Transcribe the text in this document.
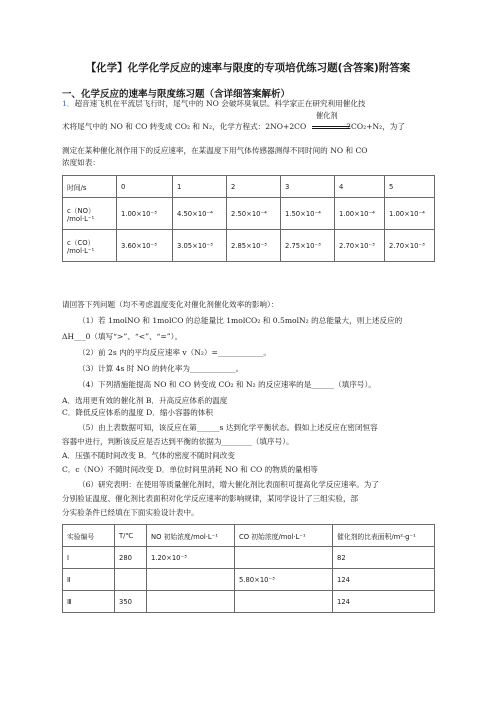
【化学】化学化学反应的速率与限度的专项培优练习题(含答案)附答案
一、化学反应的速率与限度练习题（含详细答案解析）
1．超音速飞机在平流层飞行时，尾气中的 NO 会破坏臭氧层。科学家正在研究利用催化技
催化剂
术将尾气中的 NO 和 CO 转变成 CO₂ 和 N₂，化学方程式：2NO+2CO	2CO₂+N₂，为了
测定在某种催化剂作用下的反应速率，在某温度下用气体传感器测得不同时间的 NO 和 CO
浓度如表：
时间/s	0	1	2	3	4	5

c（NO）
/mol·L⁻¹	1.00×10⁻³	4.50×10⁻⁴	2.50×10⁻⁴	1.50×10⁻⁴	1.00×10⁻⁴	1.00×10⁻⁴

c（CO）
/mol·L⁻¹	3.60×10⁻³	3.05×10⁻³	2.85×10⁻³	2.75×10⁻³	2.70×10⁻³	2.70×10⁻³
请回答下列问题（均不考虑温度变化对催化剂催化效率的影响）：
（1）若 1molNO 和 1molCO 的总能量比 1molCO₂ 和 0.5molN₂ 的总能量大，则上述反应的
ΔH___0（填写“>”、“<”、“=”）。
（2）前 2s 内的平均反应速率 v（N₂）=____________。
（3）计算 4s 时 NO 的转化率为____________。
（4）下列措施能提高 NO 和 CO 转变成 CO₂ 和 N₂ 的反应速率的是______（填序号）。
A．选用更有效的催化剂 B．升高反应体系的温度
C．降低反应体系的温度 D．缩小容器的体积
（5）由上表数据可知，该反应在第______s 达到化学平衡状态。假如上述反应在密闭恒容
容器中进行，判断该反应是否达到平衡的依据为________（填序号）。
A．压强不随时间改变 B．气体的密度不随时间改变
C．c（NO）不随时间改变 D．单位时间里消耗 NO 和 CO 的物质的量相等
（6）研究表明：在使用等质量催化剂时，增大催化剂比表面积可提高化学反应速率。为了
分别验证温度、催化剂比表面积对化学反应速率的影响规律，某同学设计了三组实验，部
分实验条件已经填在下面实验设计表中。
实验编号	T/℃	NO 初始浓度/mol·L⁻¹	CO 初始浓度/mol·L⁻¹	催化剂的比表面积/m²·g⁻¹
Ⅰ	280	1.20×10⁻³		82
Ⅱ			5.80×10⁻³	124
Ⅲ	350			124
